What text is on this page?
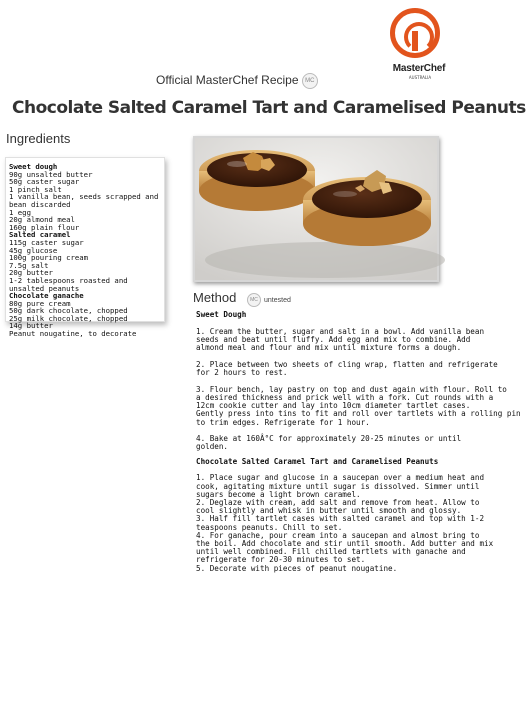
MasterChef
AUSTRALIA
Official MasterChef Recipe MC
Chocolate Salted Caramel Tart and Caramelised Peanuts
Ingredients
Sweet dough
90g unsalted butter
50g caster sugar
1 pinch salt
1 vanilla bean, seeds scrapped and
bean discarded
1 egg
20g almond meal
160g plain flour
Salted caramel
115g caster sugar
45g glucose
100g pouring cream
7.5g salt
20g butter
1-2 tablespoons roasted and
unsalted peanuts
Chocolate ganache
80g pure cream
50g dark chocolate, chopped
25g milk chocolate, chopped
14g butter
Peanut nougatine, to decorate
Method	MC untested
Sweet Dough
1. Cream the butter, sugar and salt in a bowl. Add vanilla bean
seeds and beat until fluffy. Add egg and mix to combine. Add
almond meal and flour and mix until mixture forms a dough.
2. Place between two sheets of cling wrap, flatten and refrigerate
for 2 hours to rest.
3. Flour bench, lay pastry on top and dust again with flour. Roll to
a desired thickness and prick well with a fork. Cut rounds with a
12cm cookie cutter and lay into 10cm diameter tartlet cases.
Gently press into tins to fit and roll over tartlets with a rolling pin
to trim edges. Refrigerate for 1 hour.
4. Bake at 160Â°C for approximately 20-25 minutes or until
golden.
Chocolate Salted Caramel Tart and Caramelised Peanuts
1. Place sugar and glucose in a saucepan over a medium heat and
cook, agitating mixture until sugar is dissolved. Simmer until
sugars become a light brown caramel.
2. Deglaze with cream, add salt and remove from heat. Allow to
cool slightly and whisk in butter until smooth and glossy.
3. Half fill tartlet cases with salted caramel and top with 1-2
teaspoons peanuts. Chill to set.
4. For ganache, pour cream into a saucepan and almost bring to
the boil. Add chocolate and stir until smooth. Add butter and mix
until well combined. Fill chilled tartlets with ganache and
refrigerate for 20-30 minutes to set.
5. Decorate with pieces of peanut nougatine.
